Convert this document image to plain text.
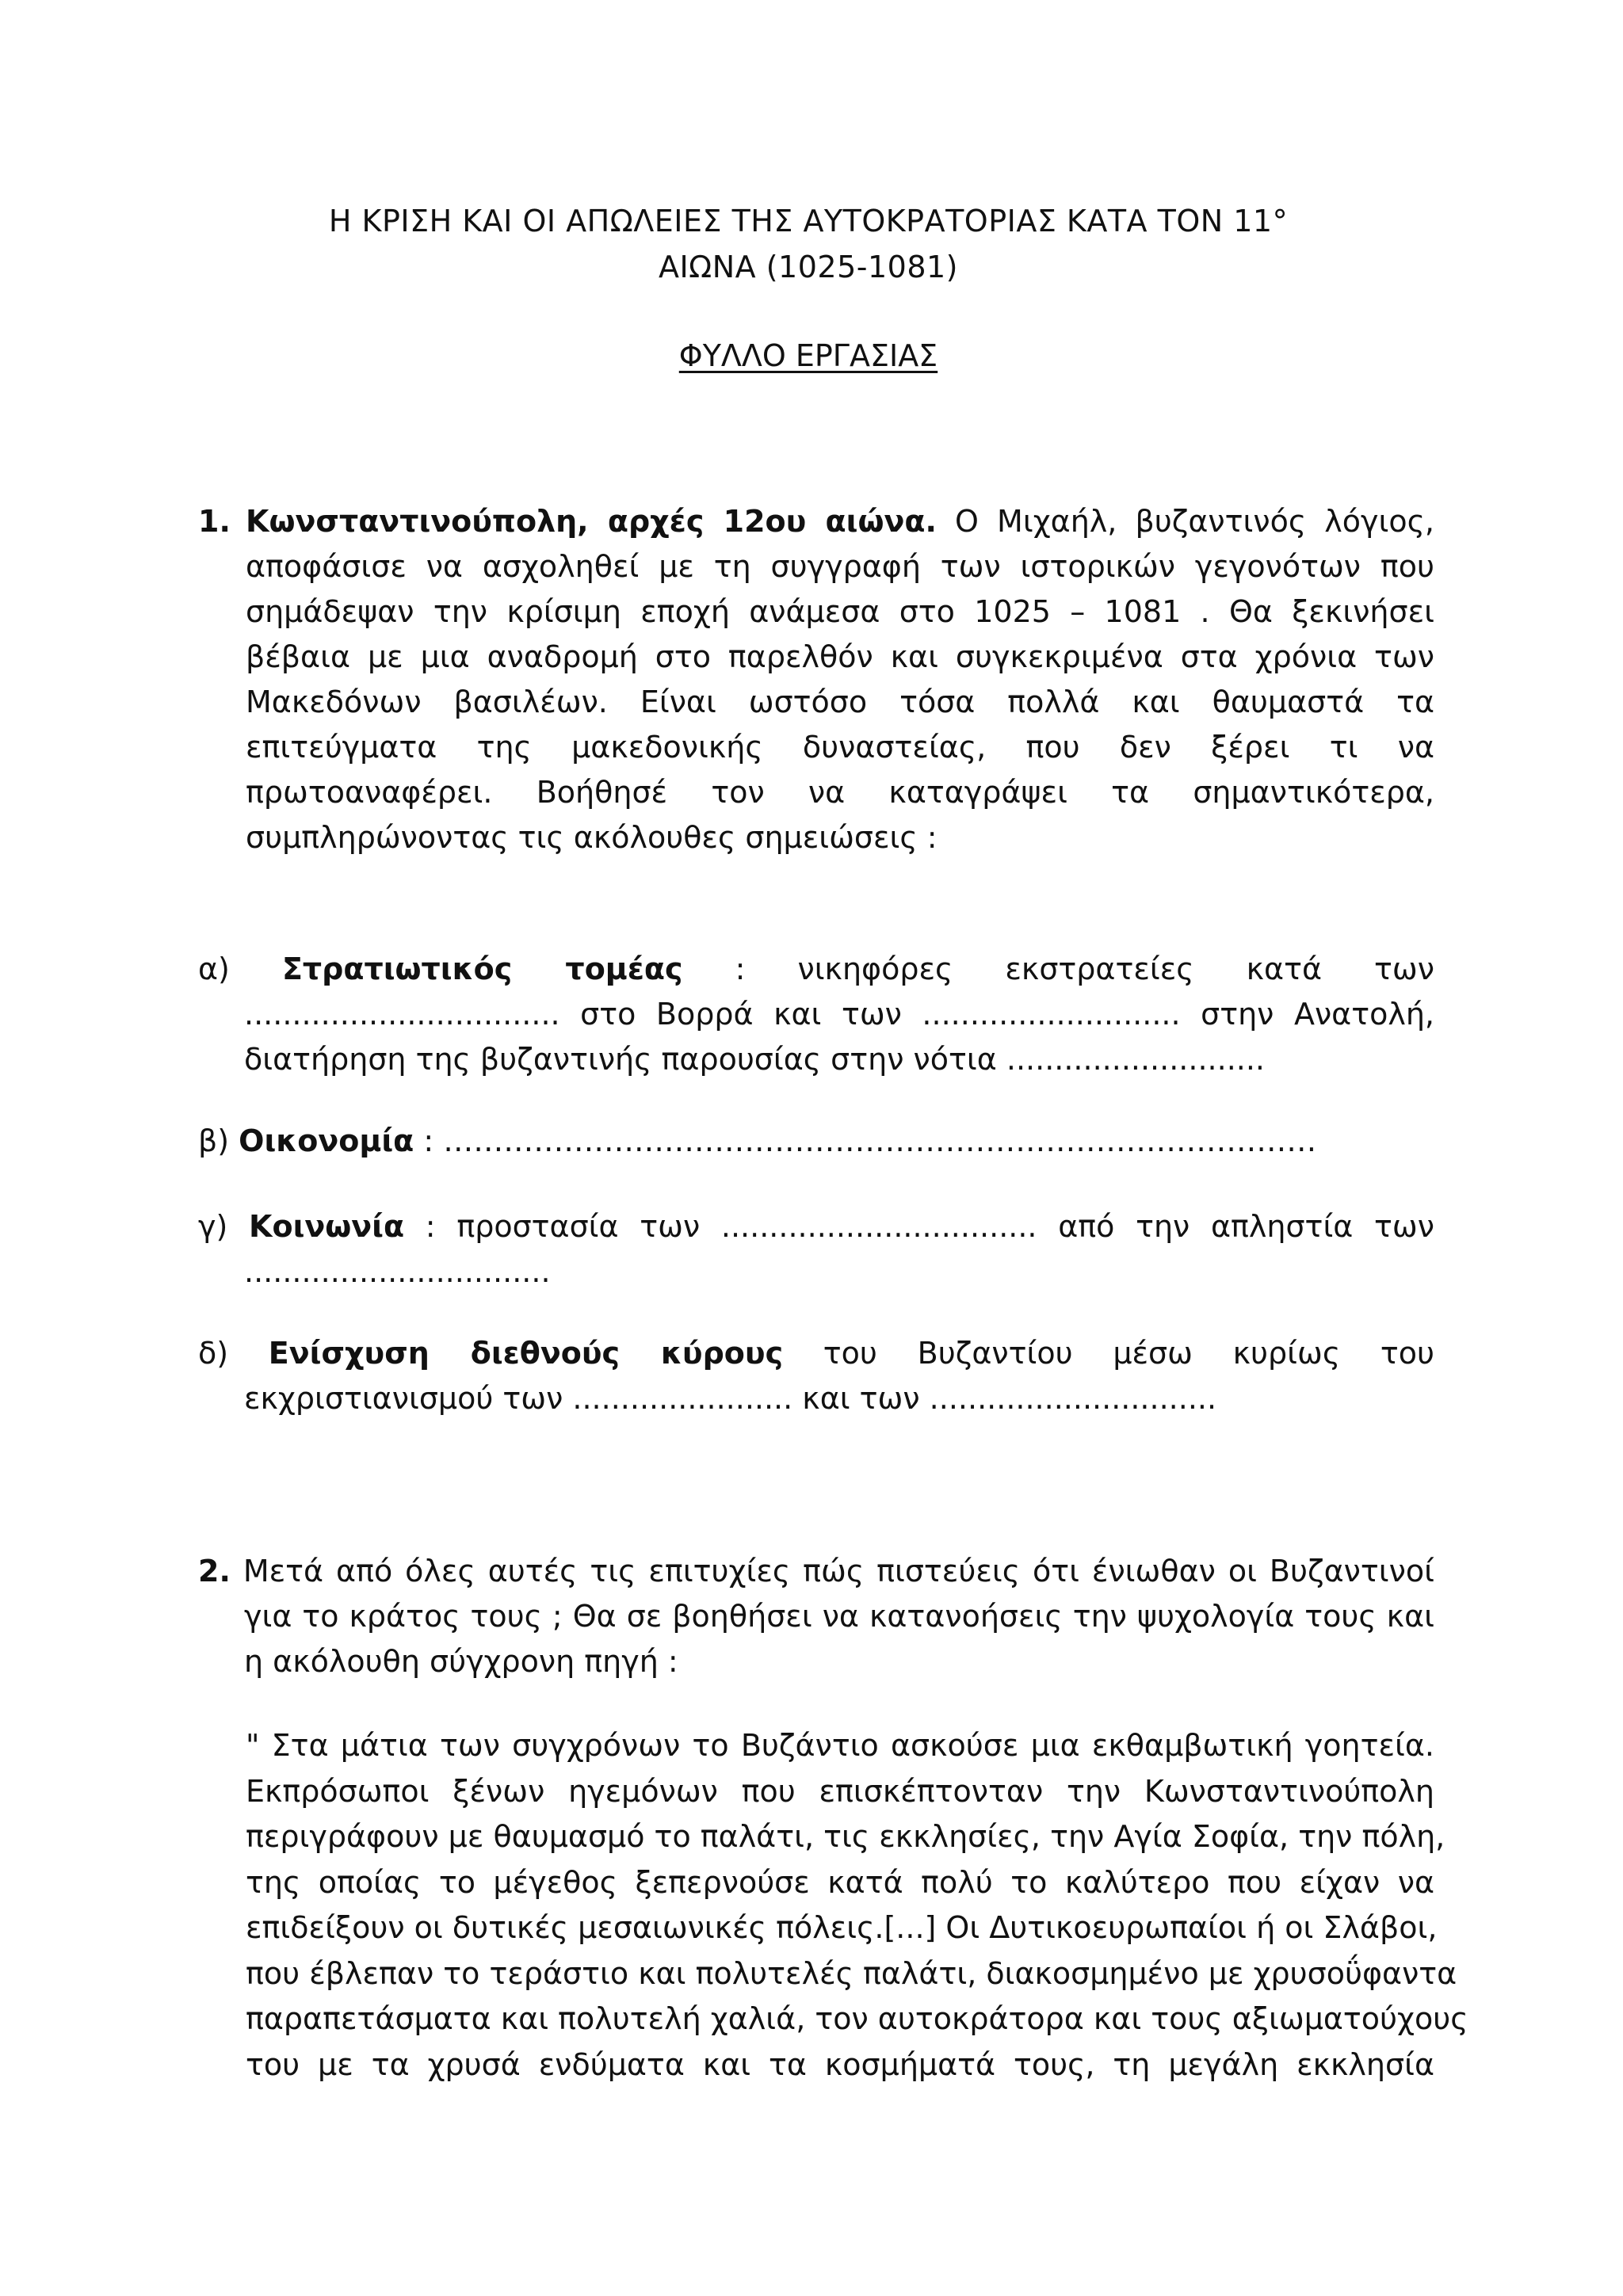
Η ΚΡΙΣΗ ΚΑΙ ΟΙ ΑΠΩΛΕΙΕΣ ΤΗΣ ΑΥΤΟΚΡΑΤΟΡΙΑΣ ΚΑΤΑ ΤΟΝ 11°
ΑΙΩΝΑ (1025-1081)
ΦΥΛΛΟ ΕΡΓΑΣΙΑΣ
1. Κωνσταντινούπολη, αρχές 12ου αιώνα. Ο Μιχαήλ, βυζαντινός λόγιος, αποφάσισε να ασχοληθεί με τη συγγραφή των ιστορικών γεγονότων που σημάδεψαν την κρίσιμη εποχή ανάμεσα στο 1025 – 1081 . Θα ξεκινήσει βέβαια με μια αναδρομή στο παρελθόν και συγκεκριμένα στα χρόνια των Μακεδόνων βασιλέων. Είναι ωστόσο τόσα πολλά και θαυμαστά τα επιτεύγματα της μακεδονικής δυναστείας, που δεν ξέρει τι να πρωτοαναφέρει. Βοήθησέ τον να καταγράψει τα σημαντικότερα, συμπληρώνοντας τις ακόλουθες σημειώσεις :
α) Στρατιωτικός τομέας : νικηφόρες εκστρατείες κατά των ................................. στο Βορρά και των ........................... στην Ανατολή, διατήρηση της βυζαντινής παρουσίας στην νότια ...........................
β) Οικονομία : ……………………………………………………………………………
γ) Κοινωνία : προστασία των ................................. από την απληστία των ................................
δ) Ενίσχυση διεθνούς κύρους του Βυζαντίου μέσω κυρίως του εκχριστιανισμού των ....................... και των ..............................
2. Μετά από όλες αυτές τις επιτυχίες πώς πιστεύεις ότι ένιωθαν οι Βυζαντινοί για το κράτος τους ; Θα σε βοηθήσει να κατανοήσεις την ψυχολογία τους και η ακόλουθη σύγχρονη πηγή :
" Στα μάτια των συγχρόνων το Βυζάντιο ασκούσε μια εκθαμβωτική γοητεία.
Εκπρόσωποι ξένων ηγεμόνων που επισκέπτονταν την Κωνσταντινούπολη
περιγράφουν με θαυμασμό το παλάτι, τις εκκλησίες, την Αγία Σοφία, την πόλη,
της οποίας το μέγεθος ξεπερνούσε κατά πολύ το καλύτερο που είχαν να
επιδείξουν οι δυτικές μεσαιωνικές πόλεις.[...] Οι Δυτικοευρωπαίοι ή οι Σλάβοι,
που έβλεπαν το τεράστιο και πολυτελές παλάτι, διακοσμημένο με χρυσοΰφαντα
παραπετάσματα και πολυτελή χαλιά, τον αυτοκράτορα και τους αξιωματούχους
του με τα χρυσά ενδύματα και τα κοσμήματά τους, τη μεγάλη εκκλησία
